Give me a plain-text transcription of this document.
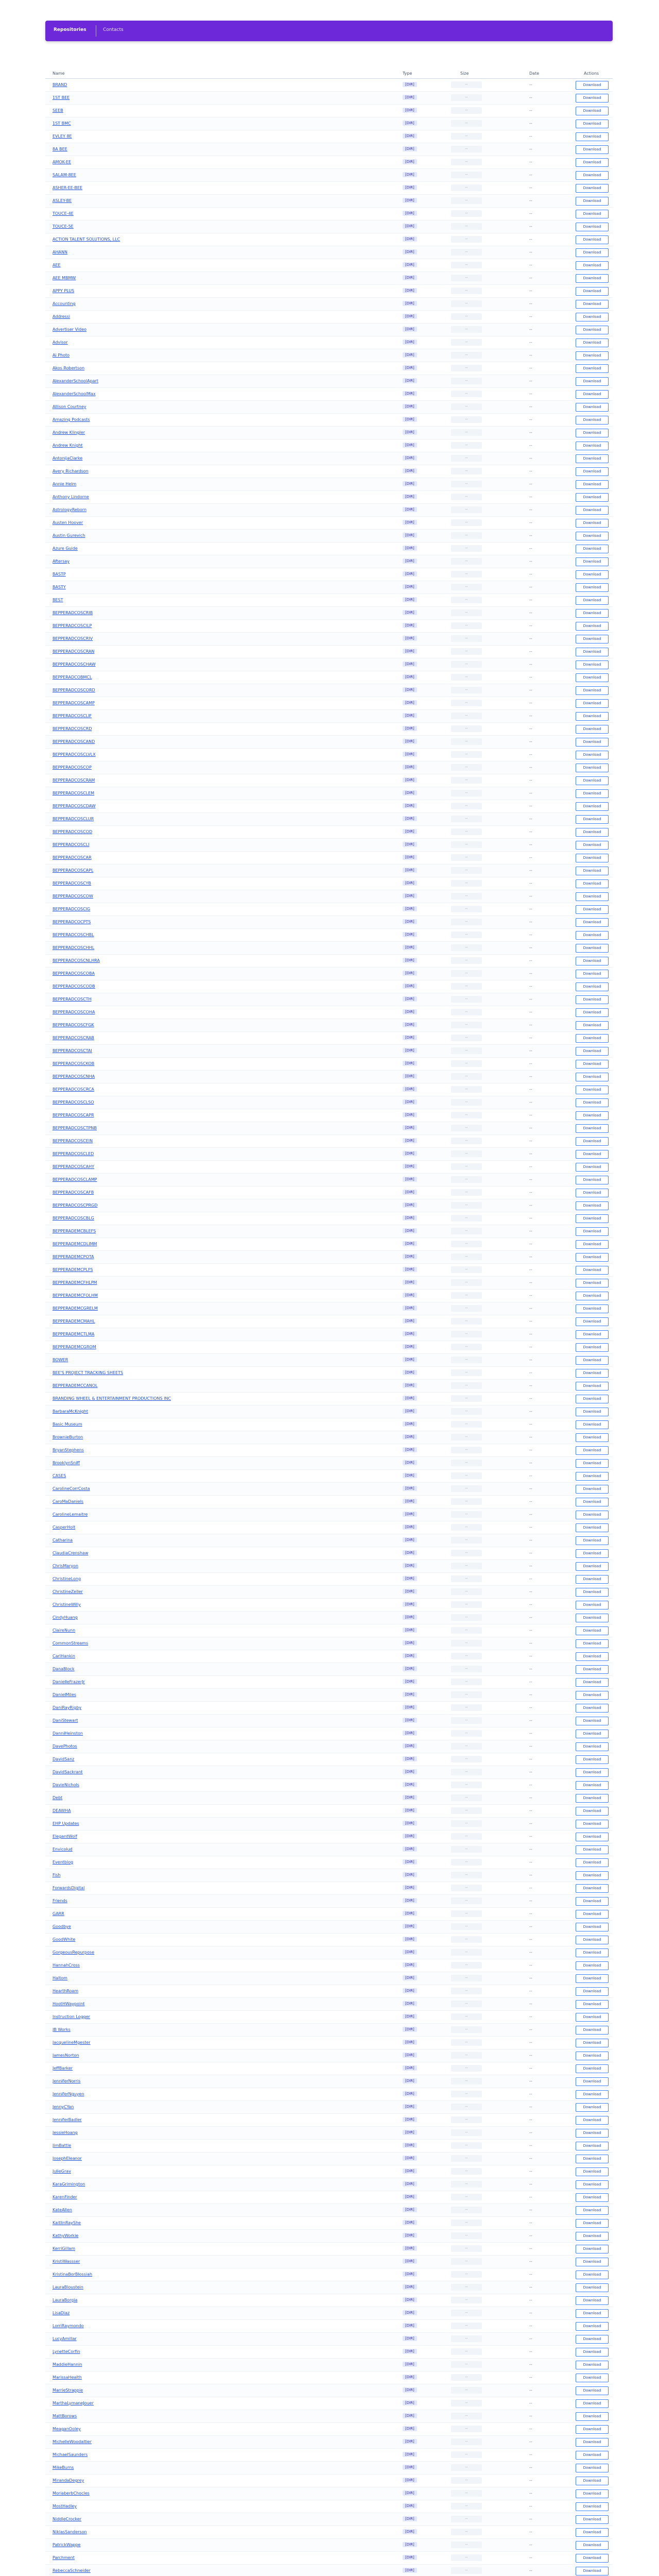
Repositories	Contacts
Name	Type	Size	Date	Actions
BRAND	[DIR]	--	--	Download
1ST BEE	[DIR]	--	--	Download
SEEB	[DIR]	--	--	Download
1ST BMC	[DIR]	--	--	Download
EVLEY 8E	[DIR]	--	--	Download
8A BEE	[DIR]	--	--	Download
AMOK-EE	[DIR]	--	--	Download
SALAM-8EE	[DIR]	--	--	Download
ASHER-EE-BEE	[DIR]	--	--	Download
ASLEY-BE	[DIR]	--	--	Download
TOUCE-4E	[DIR]	--	--	Download
TOUCE-5E	[DIR]	--	--	Download
ACTION TALENT SOLUTIONS, LLC	[DIR]	--	--	Download
AHANN	[DIR]	--	--	Download
AEE	[DIR]	--	--	Download
AEE MBMW	[DIR]	--	--	Download
APPY PLUS	[DIR]	--	--	Download
Accounting	[DIR]	--	--	Download
Addressi	[DIR]	--	--	Download
Advertiser Video	[DIR]	--	--	Download
Advisor	[DIR]	--	--	Download
Ai Photo	[DIR]	--	--	Download
Akos Robertson	[DIR]	--	--	Download
AlexanderSchoolApart	[DIR]	--	--	Download
AlexanderSchoolMax	[DIR]	--	--	Download
Allison Courtney	[DIR]	--	--	Download
Amazing Podcasts	[DIR]	--	--	Download
Andrew Klingler	[DIR]	--	--	Download
Andrew Knight	[DIR]	--	--	Download
AntonijaClarke	[DIR]	--	--	Download
Avery Richardson	[DIR]	--	--	Download
Annie Helm	[DIR]	--	--	Download
Anthony Lindorne	[DIR]	--	--	Download
AstrologyReborn	[DIR]	--	--	Download
Austen Hoover	[DIR]	--	--	Download
Austin Gurevich	[DIR]	--	--	Download
Azure Guide	[DIR]	--	--	Download
Aftersay	[DIR]	--	--	Download
BASTP	[DIR]	--	--	Download
BASTY	[DIR]	--	--	Download
BEST	[DIR]	--	--	Download
BEPPERADCOSCRIB	[DIR]	--	--	Download
BEPPERADCOSCILP	[DIR]	--	--	Download
BEPPERADCOSCRIV	[DIR]	--	--	Download
BEPPERADCOSCRAN	[DIR]	--	--	Download
BEPPERADCOSCHAW	[DIR]	--	--	Download
BEPPERADCOBMCL	[DIR]	--	--	Download
BEPPERADCOSCORD	[DIR]	--	--	Download
BEPPERADCOSCAMP	[DIR]	--	--	Download
BEPPERADCOSCLIF	[DIR]	--	--	Download
BEPPERADCOSCRD	[DIR]	--	--	Download
BEPPERADCOSCAND	[DIR]	--	--	Download
BEPPERADCOSCLVLX	[DIR]	--	--	Download
BEPPERADCOSCOP	[DIR]	--	--	Download
BEPPERADCOSCRAM	[DIR]	--	--	Download
BEPPERADCOSCLEM	[DIR]	--	--	Download
BEPPERADCOSCDAW	[DIR]	--	--	Download
BEPPERADCOSCLUR	[DIR]	--	--	Download
BEPPERADCOSCOD	[DIR]	--	--	Download
BEPPERADCOSCLI	[DIR]	--	--	Download
BEPPERADCOSCAR	[DIR]	--	--	Download
BEPPERADCOSCAPL	[DIR]	--	--	Download
BEPPERADCOSCYB	[DIR]	--	--	Download
BEPPERADCOSCOW	[DIR]	--	--	Download
BEPPERADCOSCIG	[DIR]	--	--	Download
BEPPERADCOCPTS	[DIR]	--	--	Download
BEPPERADCOSCHBL	[DIR]	--	--	Download
BEPPERADCOSCHHL	[DIR]	--	--	Download
BEPPERADCOSCNLHRA	[DIR]	--	--	Download
BEPPERADCOSCOBA	[DIR]	--	--	Download
BEPPERADCOSCODB	[DIR]	--	--	Download
BEPPERADCOSCTH	[DIR]	--	--	Download
BEPPERADCOSCOHA	[DIR]	--	--	Download
BEPPERADCOSCFGK	[DIR]	--	--	Download
BEPPERADCOSCRAB	[DIR]	--	--	Download
BEPPERADCOSCTAI	[DIR]	--	--	Download
BEPPERADCOSCKOB	[DIR]	--	--	Download
BEPPERADCOSCNHA	[DIR]	--	--	Download
BEPPERADCOSCRCA	[DIR]	--	--	Download
BEPPERADCOSCLSO	[DIR]	--	--	Download
BEPPERADCOSCAPR	[DIR]	--	--	Download
BEPPERADCOSCTPNB	[DIR]	--	--	Download
BEPPERADCOSCEIN	[DIR]	--	--	Download
BEPPERADCOSCLED	[DIR]	--	--	Download
BEPPERADCOSCAHY	[DIR]	--	--	Download
BEPPERADCOSCLAMP	[DIR]	--	--	Download
BEPPERADCOSCAFB	[DIR]	--	--	Download
BEPPERADCOSCPRGD	[DIR]	--	--	Download
BEPPERADCOSCBLG	[DIR]	--	--	Download
BEPPERADEMCBLEFS	[DIR]	--	--	Download
BEPPERADEMCDLIMM	[DIR]	--	--	Download
BEPPERADEMCPOTA	[DIR]	--	--	Download
BEPPERADEMCPLFS	[DIR]	--	--	Download
BEPPERADEMCFHLPM	[DIR]	--	--	Download
BEPPERADEMCFOLHM	[DIR]	--	--	Download
BEPPERADEMCGRELM	[DIR]	--	--	Download
BEPPERADEMCMAHL	[DIR]	--	--	Download
BEPPERADEMCTLMA	[DIR]	--	--	Download
BEPPERADEMCGROM	[DIR]	--	--	Download
BOWER	[DIR]	--	--	Download
BEE'S PROJECT TRACKING SHEETS	[DIR]	--	--	Download
BEPPERADEMCCANOL	[DIR]	--	--	Download
BRANDING WHEEL & ENTERTAINMENT PRODUCTIONS INC	[DIR]	--	--	Download
BarbaraMcKnight	[DIR]	--	--	Download
Basic Museum	[DIR]	--	--	Download
BrownieBurton	[DIR]	--	--	Download
BryanStephens	[DIR]	--	--	Download
BrooklynSniff	[DIR]	--	--	Download
CASES	[DIR]	--	--	Download
CarolineCorrCosta	[DIR]	--	--	Download
CaroMaDaniels	[DIR]	--	--	Download
CarolineLemaitre	[DIR]	--	--	Download
CasperHolt	[DIR]	--	--	Download
Catharina	[DIR]	--	--	Download
ClaudiaCrenshaw	[DIR]	--	--	Download
ChrisMaryon	[DIR]	--	--	Download
ChristineLong	[DIR]	--	--	Download
ChristineZeller	[DIR]	--	--	Download
ChristineWilly	[DIR]	--	--	Download
CindyHuang	[DIR]	--	--	Download
ClaireNunn	[DIR]	--	--	Download
CommonStreams	[DIR]	--	--	Download
CarlHankin	[DIR]	--	--	Download
DanaBlock	[DIR]	--	--	Download
DanielleFrazerJr	[DIR]	--	--	Download
DanielMiles	[DIR]	--	--	Download
DaniRayRigby	[DIR]	--	--	Download
DaniStewart	[DIR]	--	--	Download
DanniHeinston	[DIR]	--	--	Download
DavePhotos	[DIR]	--	--	Download
DavidSanz	[DIR]	--	--	Download
DavidSackrant	[DIR]	--	--	Download
DavieNichols	[DIR]	--	--	Download
Debt	[DIR]	--	--	Download
DEAWHA	[DIR]	--	--	Download
EHP Updates	[DIR]	--	--	Download
ElegantWolf	[DIR]	--	--	Download
Envicolud	[DIR]	--	--	Download
Eventblog	[DIR]	--	--	Download
Fish	[DIR]	--	--	Download
ForwardsDigital	[DIR]	--	--	Download
Friends	[DIR]	--	--	Download
GARR	[DIR]	--	--	Download
Goodbye	[DIR]	--	--	Download
GoodWhite	[DIR]	--	--	Download
GorgeousRepurpose	[DIR]	--	--	Download
HannahCross	[DIR]	--	--	Download
Haltom	[DIR]	--	--	Download
HearthRoam	[DIR]	--	--	Download
HootHWaypoint	[DIR]	--	--	Download
Instruction Logger	[DIR]	--	--	Download
JB Works	[DIR]	--	--	Download
JacquelineMgester	[DIR]	--	--	Download
JamesNorton	[DIR]	--	--	Download
JeffBarker	[DIR]	--	--	Download
JenniferNorris	[DIR]	--	--	Download
JenniferNguyen	[DIR]	--	--	Download
JennyCYan	[DIR]	--	--	Download
JenniferBadler	[DIR]	--	--	Download
JessieHoang	[DIR]	--	--	Download
JimBattle	[DIR]	--	--	Download
JosephEleanor	[DIR]	--	--	Download
JulieGrav	[DIR]	--	--	Download
KaraGrimington	[DIR]	--	--	Download
KarenFinder	[DIR]	--	--	Download
KateAllen	[DIR]	--	--	Download
KaitlinRayShe	[DIR]	--	--	Download
KathyWorkie	[DIR]	--	--	Download
KerriGillam	[DIR]	--	--	Download
KristiWassser	[DIR]	--	--	Download
KristinaBorBlossiah	[DIR]	--	--	Download
LauraBloustein	[DIR]	--	--	Download
LauraBorgia	[DIR]	--	--	Download
LisaDiaz	[DIR]	--	--	Download
LorriRaymondo	[DIR]	--	--	Download
LucyAmillar	[DIR]	--	--	Download
LynetteCorfin	[DIR]	--	--	Download
MaddieHannin	[DIR]	--	--	Download
MarissaHealth	[DIR]	--	--	Download
MarrieStrappie	[DIR]	--	--	Download
MarthaLymaneJouer	[DIR]	--	--	Download
MattBorows	[DIR]	--	--	Download
MeaganOoley	[DIR]	--	--	Download
MichelleWoodaltier	[DIR]	--	--	Download
MichaelSaunders	[DIR]	--	--	Download
MikeBurns	[DIR]	--	--	Download
MirandaDegrey	[DIR]	--	--	Download
MoriaberbChocles	[DIR]	--	--	Download
MostHadley	[DIR]	--	--	Download
NiddleCrocker	[DIR]	--	--	Download
NiklasSanderson	[DIR]	--	--	Download
PatrickWappe	[DIR]	--	--	Download
Parchment	[DIR]	--	--	Download
RebeccaSchneider	[DIR]	--	--	Download
